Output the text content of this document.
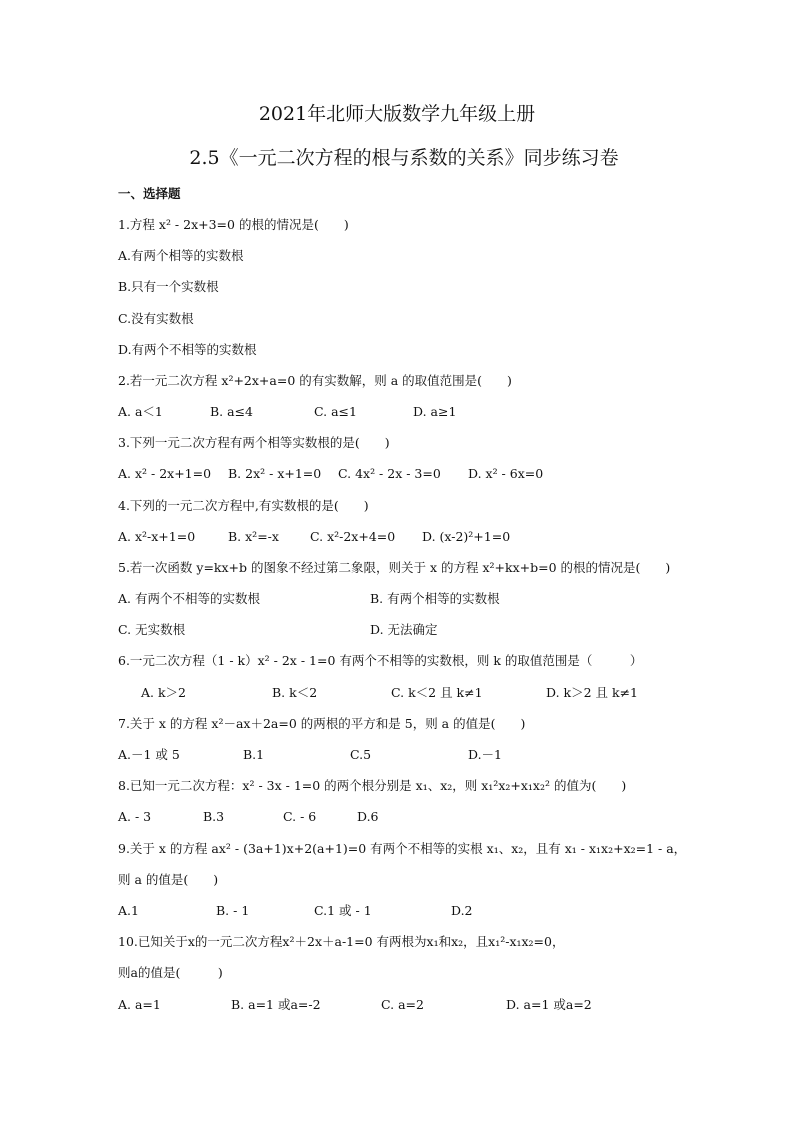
2021年北师大版数学九年级上册
2.5《一元二次方程的根与系数的关系》同步练习卷
一、选择题
1.方程 x² - 2x+3=0 的根的情况是(　　)
A.有两个相等的实数根
B.只有一个实数根
C.没有实数根
D.有两个不相等的实数根
2.若一元二次方程 x²+2x+a=0 的有实数解，则 a 的取值范围是(　　)
A. a＜1	B. a≤4	C. a≤1	D. a≥1
3.下列一元二次方程有两个相等实数根的是(　　)
A. x² - 2x+1=0 B. 2x² - x+1=0 C. 4x² - 2x - 3=0 D. x² - 6x=0
4.下列的一元二次方程中,有实数根的是(　　)
A. x²-x+1=0	B. x²=-x C. x²-2x+4=0 D. (x-2)²+1=0
5.若一次函数 y=kx+b 的图象不经过第二象限，则关于 x 的方程 x²+kx+b=0 的根的情况是(　　)
A. 有两个不相等的实数根	B. 有两个相等的实数根
C. 无实数根	D. 无法确定
6.一元二次方程（1 - k）x² - 2x - 1=0 有两个不相等的实数根，则 k 的取值范围是（　　　）
A. k＞2	B. k＜2	C. k＜2 且 k≠1	D. k＞2 且 k≠1
7.关于 x 的方程 x²－ax＋2a=0 的两根的平方和是 5，则 a 的值是(　　)
A.－1 或 5	B.1	C.5	D.－1
8.已知一元二次方程：x² - 3x - 1=0 的两个根分别是 x₁、x₂，则 x₁²x₂+x₁x₂² 的值为(　　)
A. - 3	B.3	C. - 6	D.6
9.关于 x 的方程 ax² - (3a+1)x+2(a+1)=0 有两个不相等的实根 x₁、x₂，且有 x₁ - x₁x₂+x₂=1 - a，
则 a 的值是(　　)
A.1	B. - 1	C.1 或 - 1	D.2
10.已知关于x的一元二次方程x²＋2x＋a-1=0 有两根为x₁和x₂，且x₁²-x₁x₂=0，
则a的值是(　　　)
A. a=1	B. a=1 或a=-2	C. a=2	D. a=1 或a=2
